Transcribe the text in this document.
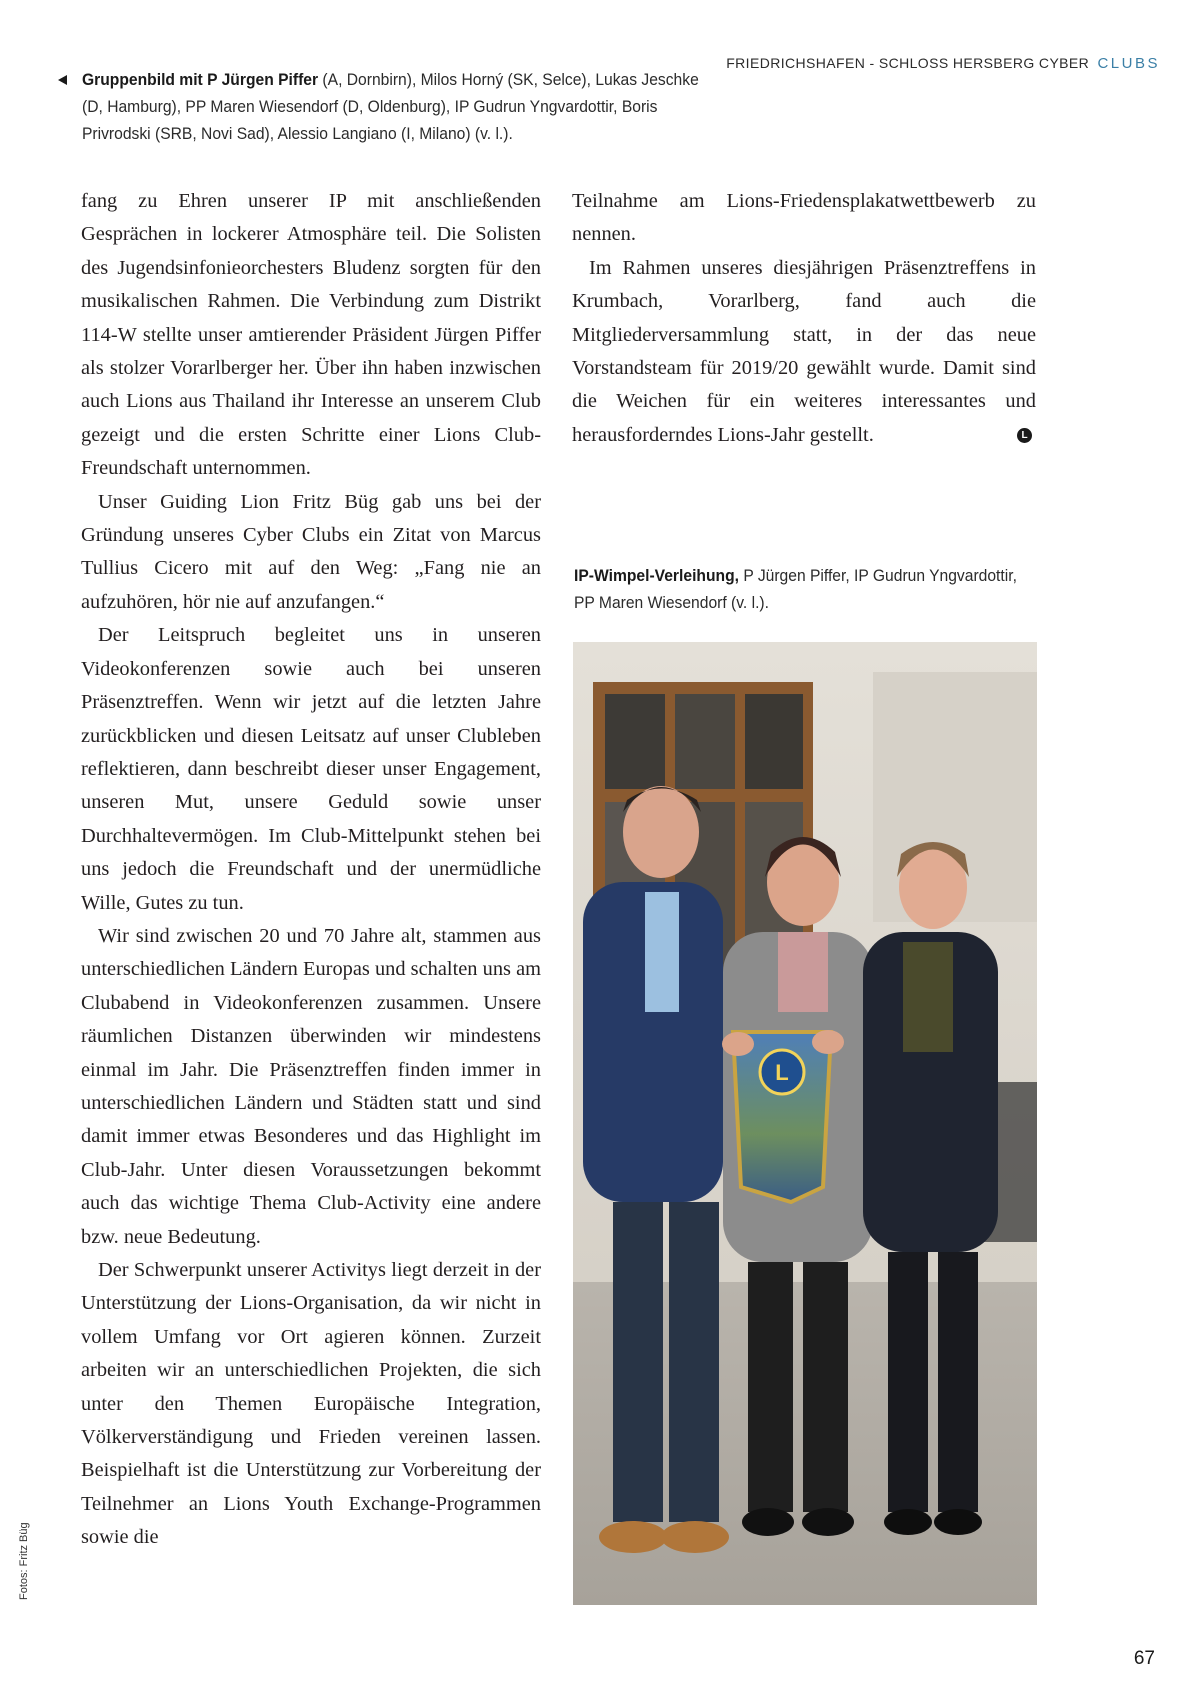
Gruppenbild mit P Jürgen Piffer (A, Dornbirn), Milos Horný (SK, Selce), Lukas Jeschke (D, Hamburg), PP Maren Wiesendorf (D, Oldenburg), IP Gudrun Yngvardottir, Boris Privrodski (SRB, Novi Sad), Alessio Langiano (I, Milano) (v. l.).
FRIEDRICHSHAFEN - SCHLOSS HERSBERG CYBER CLUBS

fang zu Ehren unserer IP mit anschließenden Gesprächen in lockerer Atmosphäre teil. Die Solisten des Jugendsinfonieorchesters Bludenz sorgten für den musikalischen Rahmen. Die Verbindung zum Distrikt 114-W stellte unser amtierender Präsident Jürgen Piffer als stolzer Vorarlberger her. Über ihn haben inzwischen auch Lions aus Thailand ihr Interesse an unserem Club gezeigt und die ersten Schritte einer Lions Club-Freundschaft unternommen.

Unser Guiding Lion Fritz Büg gab uns bei der Gründung unseres Cyber Clubs ein Zitat von Marcus Tullius Cicero mit auf den Weg: „Fang nie an aufzuhören, hör nie auf anzufangen.“

Der Leitspruch begleitet uns in unseren Videokonferenzen sowie auch bei unseren Präsenztreffen. Wenn wir jetzt auf die letzten Jahre zurückblicken und diesen Leitsatz auf unser Clubleben reflektieren, dann beschreibt dieser unser Engagement, unseren Mut, unsere Geduld sowie unser Durchhaltevermögen. Im Club-Mittelpunkt stehen bei uns jedoch die Freundschaft und der unermüdliche Wille, Gutes zu tun.

Wir sind zwischen 20 und 70 Jahre alt, stammen aus unterschiedlichen Ländern Europas und schalten uns am Clubabend in Videokonferenzen zusammen. Unsere räumlichen Distanzen überwinden wir mindestens einmal im Jahr. Die Präsenztreffen finden immer in unterschiedlichen Ländern und Städten statt und sind damit immer etwas Besonderes und das Highlight im Club-Jahr. Unter diesen Voraussetzungen bekommt auch das wichtige Thema Club-Activity eine andere bzw. neue Bedeutung.

Der Schwerpunkt unserer Activitys liegt derzeit in der Unterstützung der Lions-Organisation, da wir nicht in vollem Umfang vor Ort agieren können. Zurzeit arbeiten wir an unterschiedlichen Projekten, die sich unter den Themen Europäische Integration, Völkerverständigung und Frieden vereinen lassen. Beispielhaft ist die Unterstützung zur Vorbereitung der Teilnehmer an Lions Youth Exchange-Programmen sowie die

Teilnahme am Lions-Friedensplakatwettbewerb zu nennen.

Im Rahmen unseres diesjährigen Präsenztreffens in Krumbach, Vorarlberg, fand auch die Mitgliederversammlung statt, in der das neue Vorstandsteam für 2019/20 gewählt wurde. Damit sind die Weichen für ein weiteres interessantes und herausforderndes Lions-Jahr gestellt.	L

IP-Wimpel-Verleihung, P Jürgen Piffer, IP Gudrun Yngvardottir, PP Maren Wiesendorf (v. l.).
L
Fotos: Fritz Büg
67
